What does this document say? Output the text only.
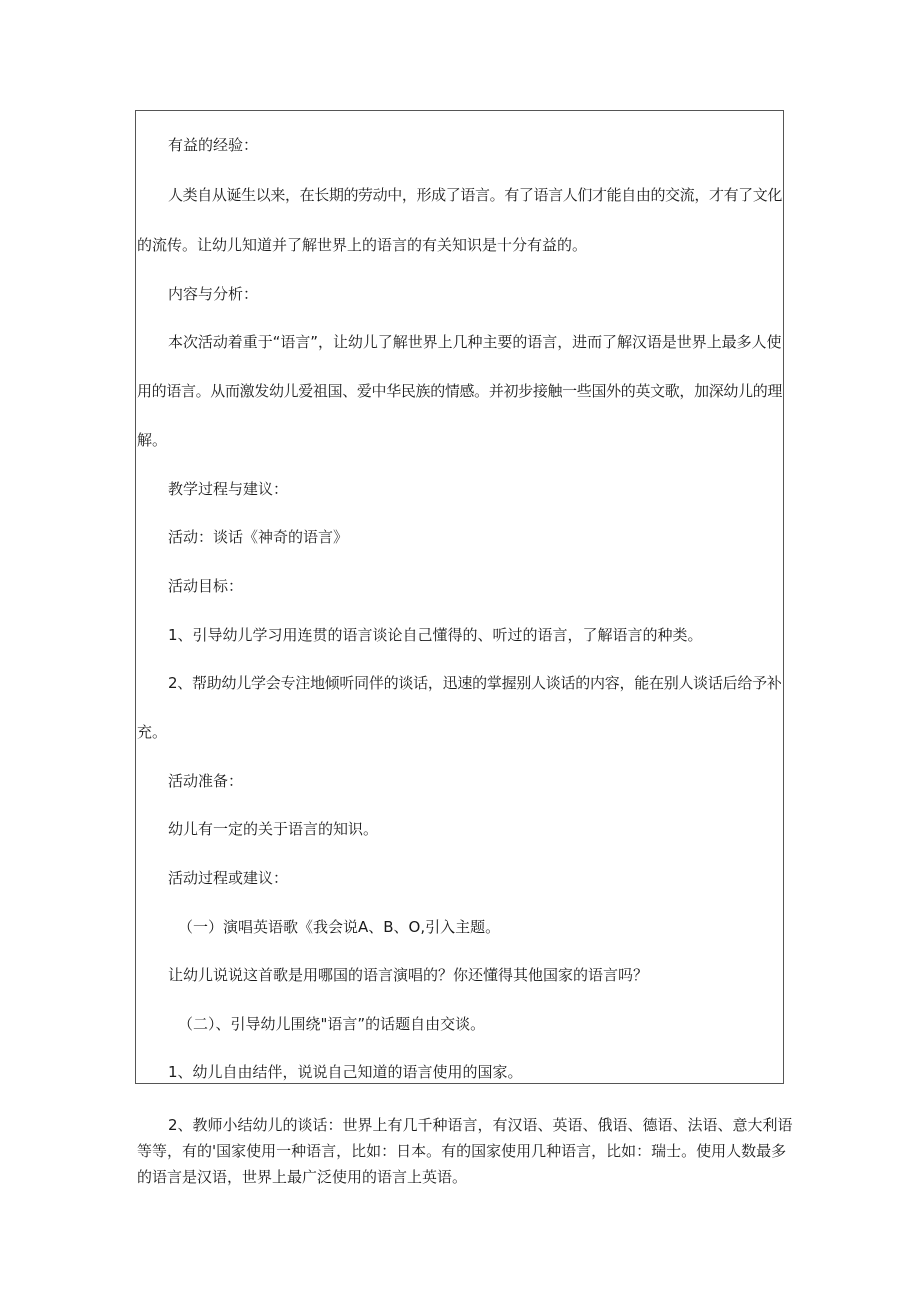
有益的经验：
人类自从诞生以来，在长期的劳动中，形成了语言。有了语言人们才能自由的交流，才有了文化
的流传。让幼儿知道并了解世界上的语言的有关知识是十分有益的。
内容与分析：
本次活动着重于“语言”，让幼儿了解世界上几种主要的语言，进而了解汉语是世界上最多人使
用的语言。从而激发幼儿爱祖国、爱中华民族的情感。并初步接触一些国外的英文歌，加深幼儿的理
解。
教学过程与建议：
活动：谈话《神奇的语言》
活动目标：
1、引导幼儿学习用连贯的语言谈论自己懂得的、听过的语言，了解语言的种类。
2、帮助幼儿学会专注地倾听同伴的谈话，迅速的掌握别人谈话的内容，能在别人谈话后给予补
充。
活动准备：
幼儿有一定的关于语言的知识。
活动过程或建议：
（一）演唱英语歌《我会说A、B、O,引入主题。
让幼儿说说这首歌是用哪国的语言演唱的？你还懂得其他国家的语言吗？
（二）、引导幼儿围绕"语言”的话题自由交谈。
1、幼儿自由结伴，说说自己知道的语言使用的国家。
2、教师小结幼儿的谈话：世界上有几千种语言，有汉语、英语、俄语、德语、法语、意大利语
等等，有的'国家使用一种语言，比如：日本。有的国家使用几种语言，比如：瑞士。使用人数最多
的语言是汉语，世界上最广泛使用的语言上英语。
